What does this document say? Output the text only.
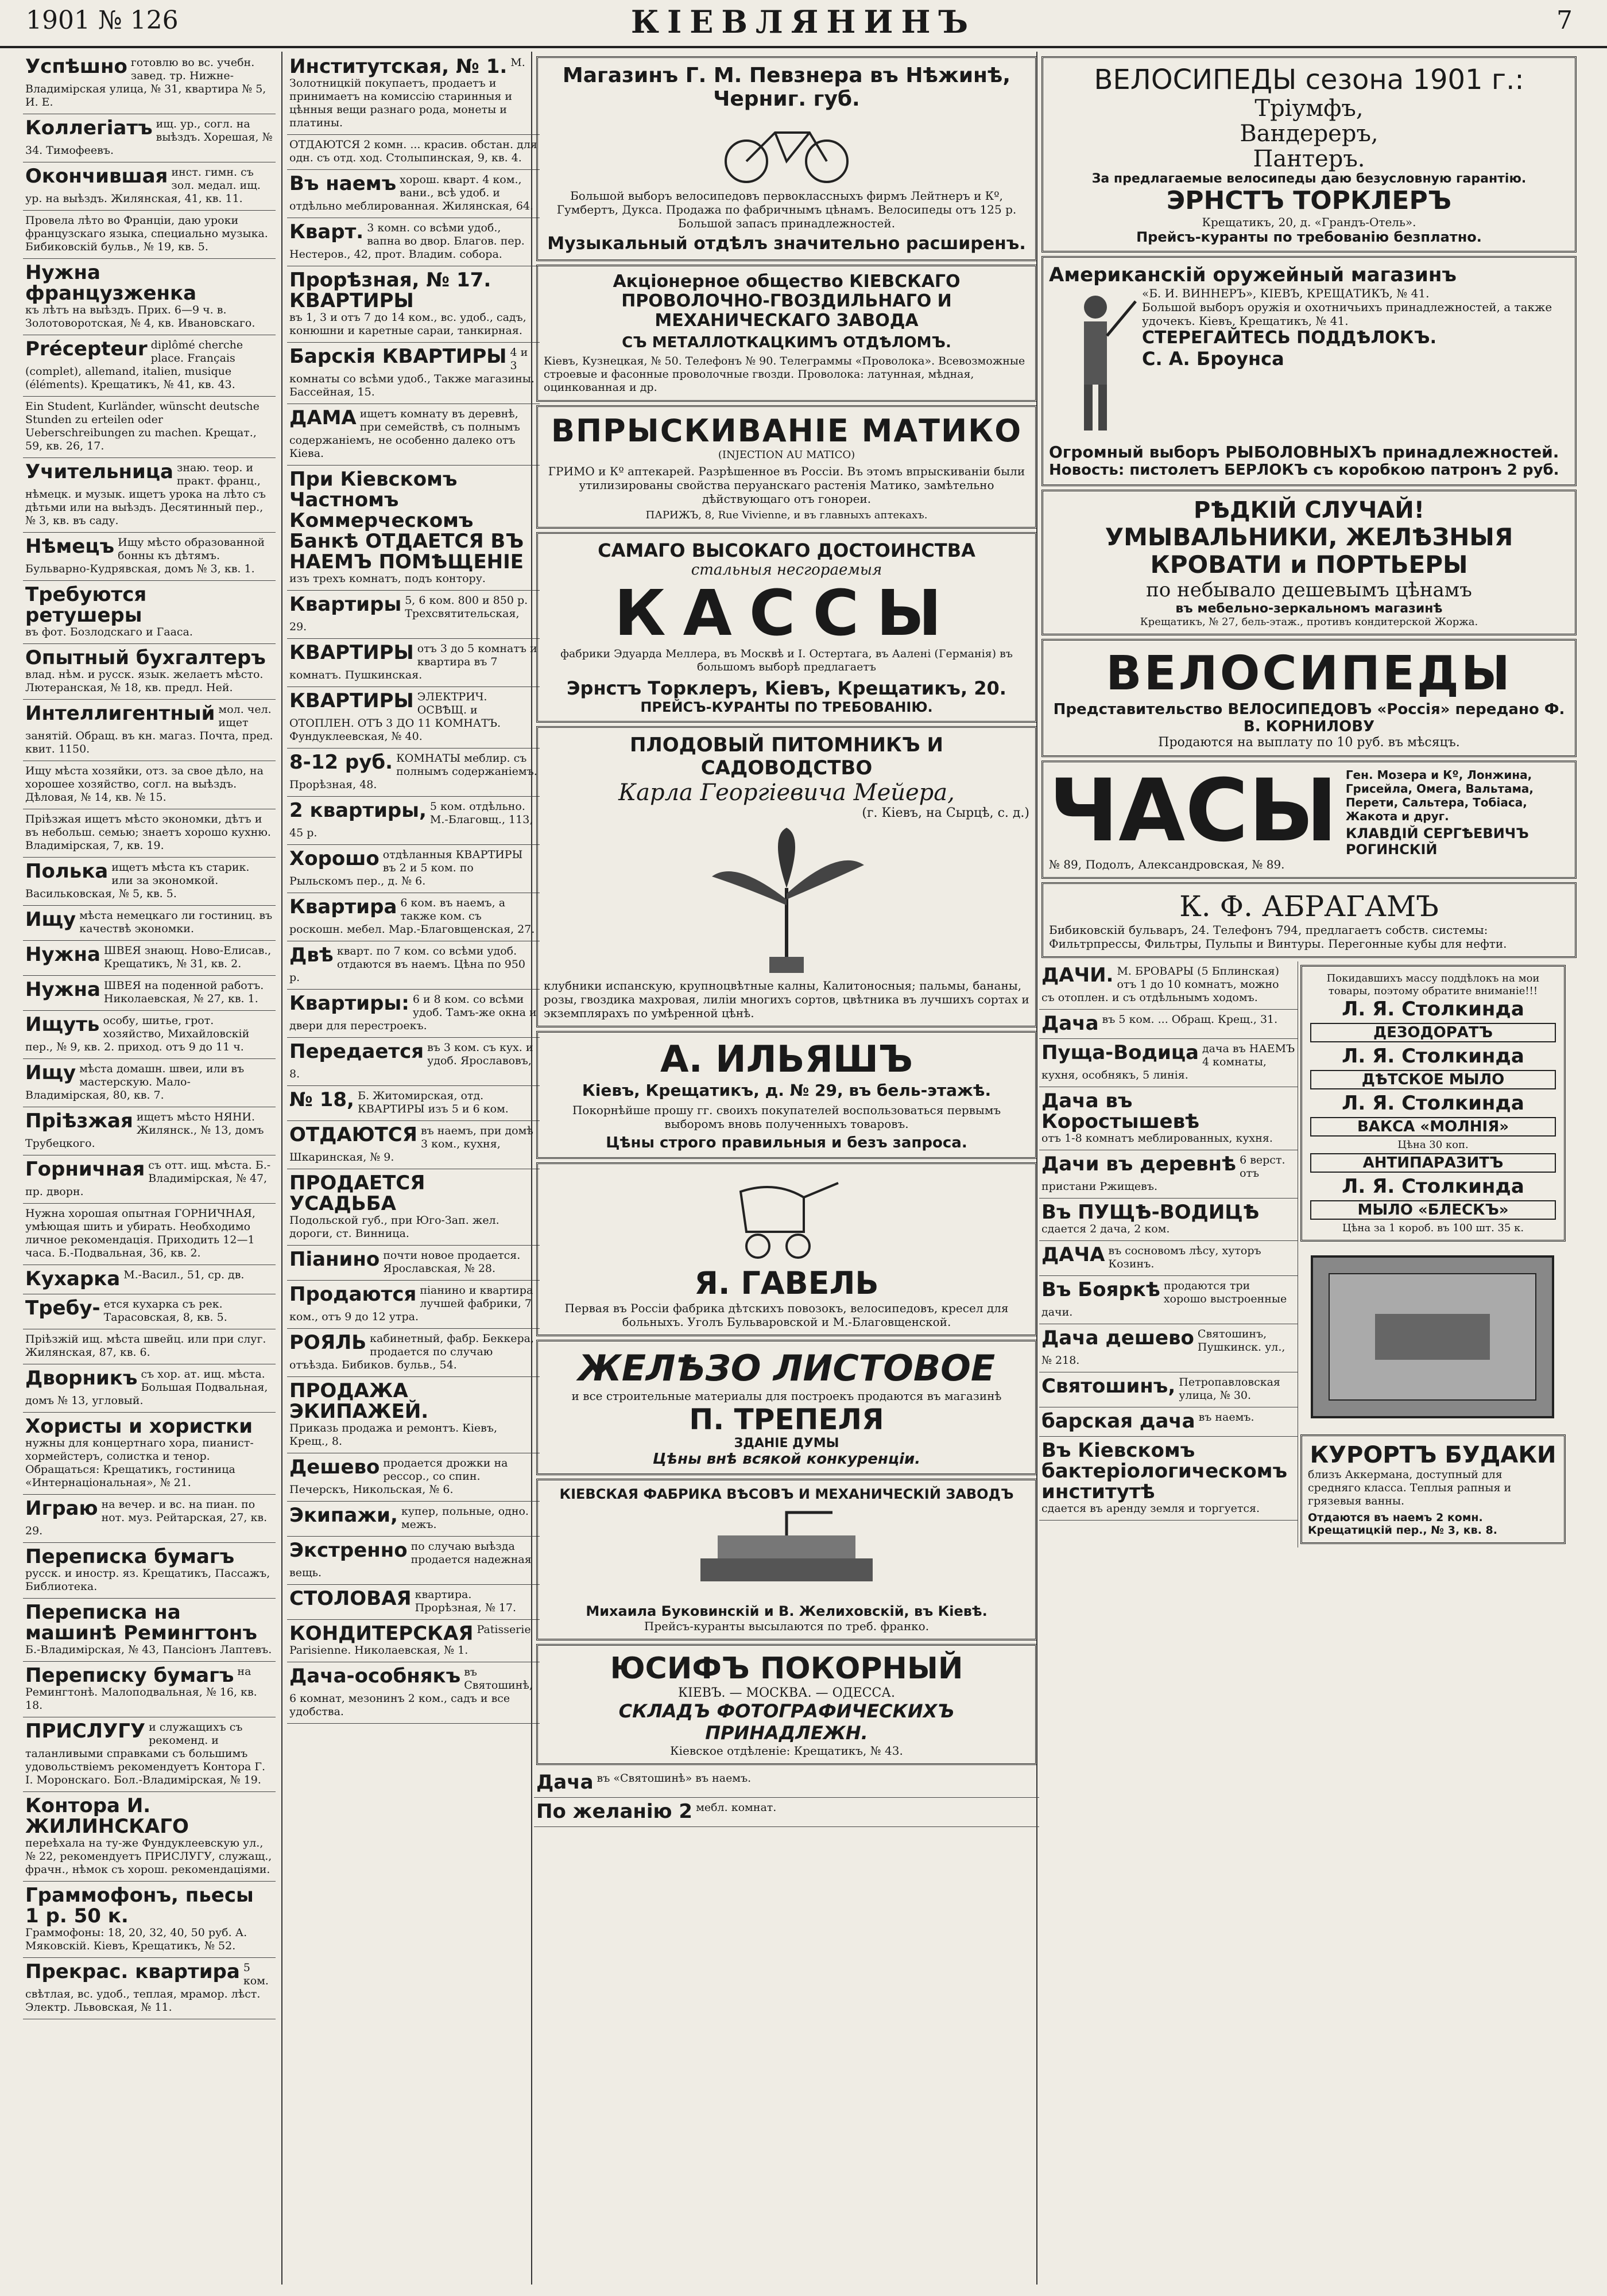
1901 № 126	КІЕВЛЯНИНЪ	7
Успѣшно готовлю во вс. учебн. завед. тр. Нижне-Владимірская улица, № 31, квартира № 5, И. Е.
Коллегіатъ ищ. ур., согл. на выѣздъ. Хорешая, № 34. Тимофеевъ.
Окончившая инст. гимн. съ зол. медал. ищ. ур. на выѣздъ. Жилянская, 41, кв. 11.
Провела лѣто во Франціи, даю уроки французскаго языка, специально музыка. Бибиковскій бульв., № 19, кв. 5.
Нужна французженка
къ лѣтъ на выѣздъ. Прих. 6—9 ч. в. Золотоворотская, № 4, кв. Ивановскаго.
Précepteur diplômé cherche place. Français (complet), allemand, italien, musique (éléments). Крещатикъ, № 41, кв. 43.
Ein Student, Kurländer, wünscht deutsche Stunden zu erteilen oder Ueberschreibungen zu machen. Крещат., 59, кв. 26, 17.
Учительница знаю. теор. и практ. франц., нѣмецк. и музык. ищетъ урока на лѣто съ дѣтьми или на выѣздъ. Десятинный пер., № 3, кв. въ саду.
Нѣмецъ Ищу мѣсто образованной бонны къ дѣтямъ. Бульварно-Кудрявская, домъ № 3, кв. 1.
Требуются ретушеры
въ фот. Бозлодскаго и Гааса.
Опытный бухгалтеръ
влад. нѣм. и русск. язык. желаетъ мѣсто. Лютеранская, № 18, кв. предл. Ней.
Интеллигентный мол. чел. ищет занятій. Обращ. въ кн. магаз. Почта, пред. квит. 1150.
Ищу мѣста хозяйки, отз. за свое дѣло, на хорошее хозяйство, согл. на выѣздъ. Дѣловая, № 14, кв. № 15.
Пріѣзжая ищетъ мѣсто экономки, дѣтъ и въ небольш. семью; знаетъ хорошо кухню. Владимірская, 7, кв. 19.
Полька ищетъ мѣста къ старик. или за экономкой. Васильковская, № 5, кв. 5.
Ищу мѣста немецкаго ли гостиниц. въ качествѣ экономки.
Нужна ШВЕЯ знающ. Ново-Елисав., Крещатикъ, № 31, кв. 2.
Нужна ШВЕЯ на поденной работъ. Николаевская, № 27, кв. 1.
Ищуть особу, шитье, грот. хозяйство, Михайловскій пер., № 9, кв. 2. приход. отъ 9 до 11 ч.
Ищу мѣста домашн. швеи, или въ мастерскую. Мало-Владимірская, 80, кв. 7.
Пріѣзжая ищетъ мѣсто НЯНИ. Жилянск., № 13, домъ Трубецкого.
Горничная съ отт. ищ. мѣста. Б.-Владимірская, № 47, пр. дворн.
Нужна хорошая опытная ГОРНИЧНАЯ, умѣющая шить и убирать. Необходимо личное рекомендація. Приходить 12—1 часа. Б.-Подвальная, 36, кв. 2.
Кухарка М.-Васил., 51, ср. дв.
Требу- ется кухарка съ рек. Тарасовская, 8, кв. 5.
Пріѣзжій ищ. мѣста швейц. или при слуг. Жилянская, 87, кв. 6.
Дворникъ съ хор. ат. ищ. мѣста. Большая Подвальная, домъ № 13, угловый.
Хористы и хористки
нужны для концертнаго хора, пианист-хормейстеръ, солистка и тенор. Обращаться: Крещатикъ, гостиница «Интернаціональная», № 21.
Играю на вечер. и вс. на пиан. по нот. муз. Рейтарская, 27, кв. 29.
Переписка бумагъ
русск. и иностр. яз. Крещатикъ, Пассажъ, Библиотека.
Переписка на машинѣ Ремингтонъ
Б.-Владимірская, № 43, Пансіонъ Лаптевъ.
Перепиcку бумагъ на Ремингтонѣ. Малоподвальная, № 16, кв. 18.
ПРИСЛУГУ и служащихъ съ рекоменд. и таланливыми справками съ большимъ удовольствіемъ рекомендуетъ Контора Г. І. Моронскаго. Бол.-Владимірская, № 19.
Контора И. ЖИЛИНСКАГО
переѣхала на ту-же Фундуклеевскую ул., № 22, рекомендуетъ ПРИСЛУГУ, служащ., фрачн., нѣмок съ хорош. рекомендаціями.
Граммофонъ, пьесы 1 р. 50 к.
Граммофоны: 18, 20, 32, 40, 50 руб. А. Мяковскій. Кіевъ, Крещатикъ, № 52.
Прекрас. квартира 5 ком. свѣтлая, вс. удоб., теплая, мрамор. лѣст. Электр. Львовская, № 11.
Институтская, № 1. М. Золотницкій покупаетъ, продаетъ и принимаетъ на комиссію старинныя и цѣнныя вещи разнаго рода, монеты и платины.
ОТДАЮТСЯ 2 комн. ... красив. обстан. для одн. съ отд. ход. Столыпинская, 9, кв. 4.
Въ наемъ хорош. кварт. 4 ком., вани., всѣ удоб. и отдѣльно меблированная. Жилянская, 64.
Кварт. 3 комн. со всѣми удоб., вапна во двор. Благов. пер. Нестеров., 42, прот. Владим. собора.
Прорѣзная, № 17. КВАРТИРЫ
въ 1, 3 и отъ 7 до 14 ком., вс. удоб., садъ, конюшни и каретные сараи, танкирная.
Барскія КВАРТИРЫ 4 и 3 комнаты со всѣми удоб., Также магазины. Бассейная, 15.
ДАМА ищетъ комнату въ деревнѣ, при семействѣ, съ полнымъ содержаніемъ, не особенно далеко отъ Кіева.
При Кіевскомъ Частномъ Коммерческомъ Банкѣ ОТДАЕТСЯ ВЪ НАЕМЪ ПОМѢЩЕНІЕ
изъ трехъ комнатъ, подъ контору.
Квартиры 5, 6 ком. 800 и 850 р. Трехсвятительская, 29.
КВАРТИРЫ отъ 3 до 5 комнатъ и квартира въ 7 комнатъ. Пушкинская.
КВАРТИРЫ ЭЛЕКТРИЧ. ОСВѢЩ. и ОТОПЛЕН. ОТЪ 3 ДО 11 КОМНАТЪ. Фундуклеевская, № 40.
8-12 руб. КОМНАТЫ меблир. съ полнымъ содержаніемъ. Прорѣзная, 48.
2 квартиры, 5 ком. отдѣльно. М.-Благовщ., 113, 45 р.
Хорошо отдѣланныя КВАРТИРЫ въ 2 и 5 ком. по Рыльскомъ пер., д. № 6.
Квартира 6 ком. въ наемъ, а также ком. съ роскошн. мебел. Мар.-Благовщенская, 27.
Двѣ кварт. по 7 ком. со всѣми удоб. отдаются въ наемъ. Цѣна по 950 р.
Квартиры: 6 и 8 ком. со всѣми удоб. Тамъ-же окна и двери для перестроекъ.
Передается въ 3 ком. съ кух. и удоб. Ярославовъ, 8.
№ 18, Б. Житомирская, отд. КВАРТИРЫ изъ 5 и 6 ком.
ОТДАЮТСЯ въ наемъ, при домѣ 3 ком., кухня, Шкаринская, № 9.
ПРОДАЕТСЯ УСАДЬБА
Подольской губ., при Юго-Зап. жел. дороги, ст. Винница.
Піанино почти новое продается. Ярославская, № 28.
Продаются піанино и квартира лучшей фабрики, 7 ком., отъ 9 до 12 утра.
РОЯЛЬ кабинетный, фабр. Беккера, продается по случаю отъѣзда. Бибиков. бульв., 54.
ПРОДАЖА ЭКИПАЖЕЙ.
Приказь продажа и ремонтъ. Кіевъ, Крещ., 8.
Дешево продается дрожки на рессор., со спин. Печерскъ, Никольская, № 6.
Экипажи, купер, польные, одно. межъ.
Экстренно по случаю выѣзда продается надежная вещь.
СТОЛОВАЯ квартира. Прорѣзная, № 17.
КОНДИТЕРСКАЯ Patisserie Parisienne. Николаевская, № 1.
Дача-особнякъ въ Святошинѣ, 6 комнат, мезонинъ 2 ком., садъ и все удобства.
Магазинъ Г. М. Певзнера въ Нѣжинѣ, Черниг. губ.
Большой выборъ велосипедовъ первоклассныхъ фирмъ Лейтнеръ и Кº, Гумбертъ, Дукса. Продажа по фабричнымъ цѣнамъ. Велосипеды отъ 125 р. Большой запасъ принадлежностей.
Музыкальный отдѣлъ значительно расширенъ.
Акціонерное общество КІЕВСКАГО ПРОВОЛОЧНО-ГВОЗДИЛЬНАГО И МЕХАНИЧЕСКАГО ЗАВОДА
СЪ МЕТАЛЛОТКАЦКИМЪ ОТДѢЛОМЪ.
Кіевъ, Кузнецкая, № 50. Телефонъ № 90. Телеграммы «Проволока». Всевозможные строевые и фасонные проволочные гвозди. Проволока: латунная, мѣдная, оцинкованная и др.
ВПРЫСКИВАНІЕ МАТИКО
(INJECTION AU MATICO)
ГРИМО и Кº аптекарей. Разрѣшенное въ Россіи. Въ этомъ впрыскиваніи были утилизированы свойства перуанскаго растенія Матико, замѣтельно дѣйствующаго отъ гонореи.
ПАРИЖЪ, 8, Rue Vivienne, и въ главныхъ аптекахъ.
САМАГО ВЫСОКАГО ДОСТОИНСТВА
стальныя несгораемыя
КАССЫ
фабрики Эдуарда Меллера, въ Москвѣ и І. Остертага, въ Аалені (Германія) въ большомъ выборѣ предлагаетъ
Эрнстъ Торклеръ, Кіевъ, Крещатикъ, 20.
ПРЕЙСЪ-КУРАНТЫ ПО ТРЕБОВАНІЮ.
ПЛОДОВЫЙ ПИТОМНИКЪ И САДОВОДСТВО
Карла Георгіевича Мейера,
(г. Кіевъ, на Сырцѣ, с. д.)
клубники испанскую, крупноцвѣтные калны, Калитоносныя; пальмы, бананы, розы, гвоздика махровая, лиліи многихъ сортов, цвѣтника въ лучшихъ сортах и экземплярахъ по умѣренной цѣнѣ.
А. ИЛЬЯШЪ
Кіевъ, Крещатикъ, д. № 29, въ бель-этажѣ.
Покорнѣйше прошу гг. своихъ покупателей воспользоваться первымъ выборомъ вновь полученныхъ товаровъ.
Цѣны строго правильныя и безъ запроса.
Я. ГАВЕЛЬ
Первая въ Россіи фабрика дѣтскихъ повозокъ, велосипедовъ, кресел для больныхъ. Уголъ Бульваровской и М.-Благовщенской.
ЖЕЛѢЗО ЛИСТОВОЕ
и все строительные материалы для построекъ продаются въ магазинѣ
П. ТРЕПЕЛЯ
ЗДАНІЕ ДУМЫ
Цѣны внѣ всякой конкуренціи.
КІЕВСКАЯ ФАБРИКА ВѢСОВЪ И МЕХАНИЧЕСКІЙ ЗАВОДЪ
Михаила Буковинскій и В. Желиховскій, въ Кіевѣ.
Прейсъ-куранты высылаются по треб. франко.
ЮСИФЪ ПОКОРНЫЙ
КІЕВЪ. — МОСКВА. — ОДЕССА.
СКЛАДЪ ФОТОГРАФИЧЕСКИХЪ ПРИНАДЛЕЖН.
Кіевское отдѣленіе: Крещатикъ, № 43.
Дача въ «Святошинѣ» въ наемъ.
По желанію 2 мебл. комнат.
ВЕЛОСИПЕДЫ сезона 1901 г.:
Тріумфъ,
Вандереръ,
Пантеръ.
За предлагаемые велосипеды даю безусловную гарантію.
ЭРНСТЪ ТОРКЛЕРЪ
Крещатикъ, 20, д. «Грандъ-Отель».
Прейсъ-куранты по требованію безплатно.
Американскій оружейный магазинъ
«Б. И. ВИННЕРЪ», КІЕВЪ, КРЕЩАТИКЪ, № 41.
Большой выборъ оружія и охотничьихъ принадлежностей, а также удочекъ. Кіевъ, Крещатикъ, № 41.
СТЕРЕГАЙТЕСЬ ПОДДѢЛОКЪ.
С. А. Броунса
Огромный выборъ РЫБОЛОВНЫХЪ принадлежностей.
Новость: пистолетъ БЕРЛОКЪ съ коробкою патронъ 2 руб.
РѢДКІЙ СЛУЧАЙ!
УМЫВАЛЬНИКИ, ЖЕЛѢЗНЫЯ КРОВАТИ и ПОРТЬЕРЫ
по небывало дешевымъ цѣнамъ
въ мебельно-зеркальномъ магазинѣ
Крещатикъ, № 27, бель-этаж., противъ кондитерской Жоржа.
ВЕЛОСИПЕДЫ
Представительство ВЕЛОСИПЕДОВЪ «Россія» передано Ф. В. КОРНИЛОВУ
Продаются на выплату по 10 руб. въ мѣсяцъ.
ЧАСЫ Ген. Мозера и Кº, Лонжина, Грисейла, Омега, Вальтама, Перети, Сальтера, Тобіаса, Жакота и друг.
КЛАВДІЙ СЕРГѢЕВИЧЪ РОГИНСКІЙ
№ 89, Подолъ, Александровская, № 89.
К. Ф. АБРАГАМЪ
Бибиковскій бульваръ, 24. Телефонъ 794, предлагаетъ собств. системы: Фильтрпрессы, Фильтры, Пульпы и Винтуры. Перегонные кубы для нефти.
ДАЧИ. М. БРОВАРЫ (5 Бплинская) отъ 1 до 10 комнатъ, можно съ отоплен. и съ отдѣльнымъ ходомъ.
Дача въ 5 ком. ... Обращ. Крещ., 31.
Пуща-Водица дача въ НАЕМЪ 4 комнаты, кухня, особнякъ, 5 линія.
Дача въ Коростышевѣ
отъ 1-8 комнатъ меблированных, кухня.
Дачи въ деревнѣ 6 верст. отъ пристани Ржищевъ.
Въ ПУЩѢ-ВОДИЦѢ
сдается 2 дача, 2 ком.
ДАЧА въ сосновомъ лѣсу, хуторъ Козинъ.
Въ Бояркѣ продаются три хорошо выстроенные дачи.
Дача дешево Святошинъ, Пушкинск. ул., № 218.
Святошинъ, Петропавловская улица, № 30.
барская дача въ наемъ.
Въ Кіевскомъ бактеріологическомъ институтѣ
сдается въ аренду земля и торгуется.
Покидавшихъ массу поддѣлокъ на мои товары, поэтому обратите вниманіе!!!
Л. Я. Столкинда
ДЕЗОДОРАТЪ
Л. Я. Столкинда
ДѢТСКОЕ МЫЛО
Л. Я. Столкинда
ВАКСА «МОЛНІЯ»
Цѣна 30 коп.
АНТИПАРАЗИТЪ
Л. Я. Столкинда
МЫЛО «БЛЕСКЪ»
Цѣна за 1 короб. въ 100 шт. 35 к.
КУРОРТЪ БУДАКИ
близъ Аккермана, доступный для средняго класса. Теплыя рапныя и грязевыя ванны.
Отдаются въ наемъ 2 комн. Крещатицкій пер., № 3, кв. 8.
